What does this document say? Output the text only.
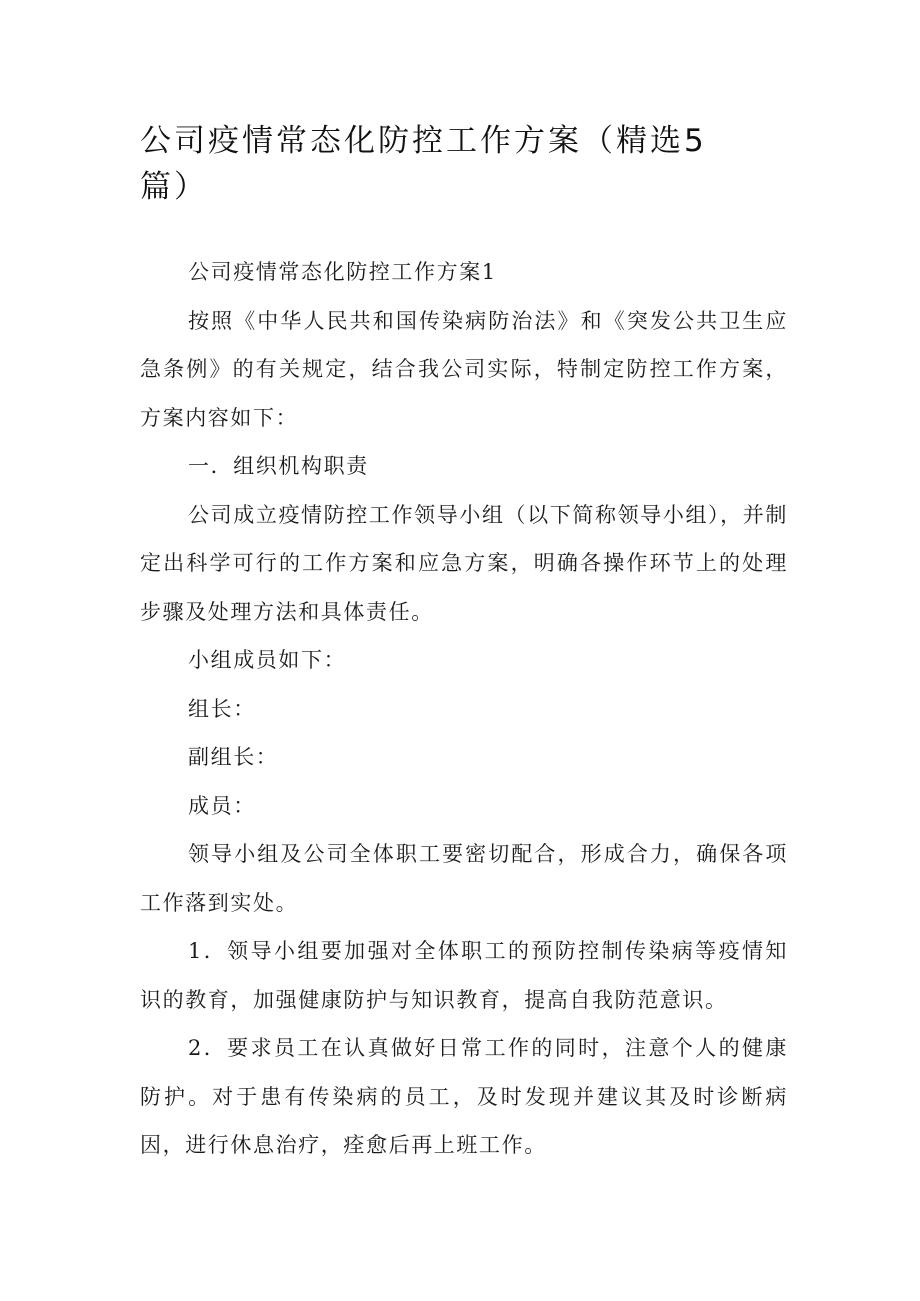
公司疫情常态化防控工作方案（精选5篇）

公司疫情常态化防控工作方案1

按照《中华人民共和国传染病防治法》和《突发公共卫生应急条例》的有关规定，结合我公司实际，特制定防控工作方案，方案内容如下：

一．组织机构职责

公司成立疫情防控工作领导小组（以下简称领导小组），并制定出科学可行的工作方案和应急方案，明确各操作环节上的处理步骤及处理方法和具体责任。

小组成员如下：

组长：

副组长：

成员：

领导小组及公司全体职工要密切配合，形成合力，确保各项工作落到实处。

1．领导小组要加强对全体职工的预防控制传染病等疫情知识的教育，加强健康防护与知识教育，提高自我防范意识。

2．要求员工在认真做好日常工作的同时，注意个人的健康防护。对于患有传染病的员工，及时发现并建议其及时诊断病因，进行休息治疗，痊愈后再上班工作。
